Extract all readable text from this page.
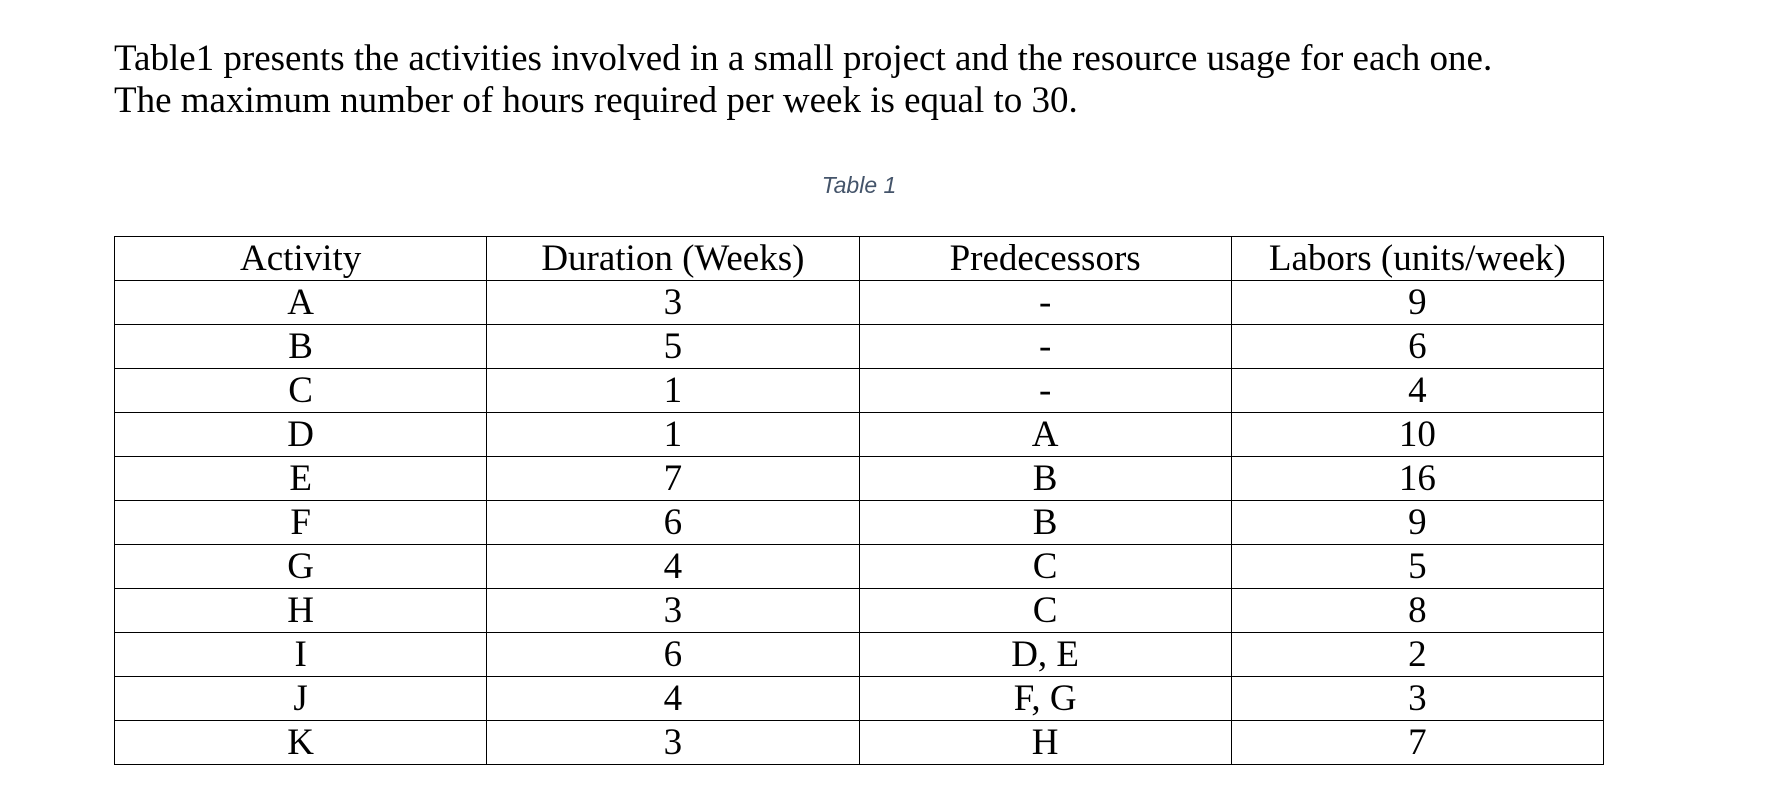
Table1 presents the activities involved in a small project and the resource usage for each one.

The maximum number of hours required per week is equal to 30.

Table 1
Activity	Duration (Weeks)	Predecessors	Labors (units/week)
A	3	-	9
B	5	-	6
C	1	-	4
D	1	A	10
E	7	B	16
F	6	B	9
G	4	C	5
H	3	C	8
I	6	D, E	2
J	4	F, G	3
K	3	H	7
